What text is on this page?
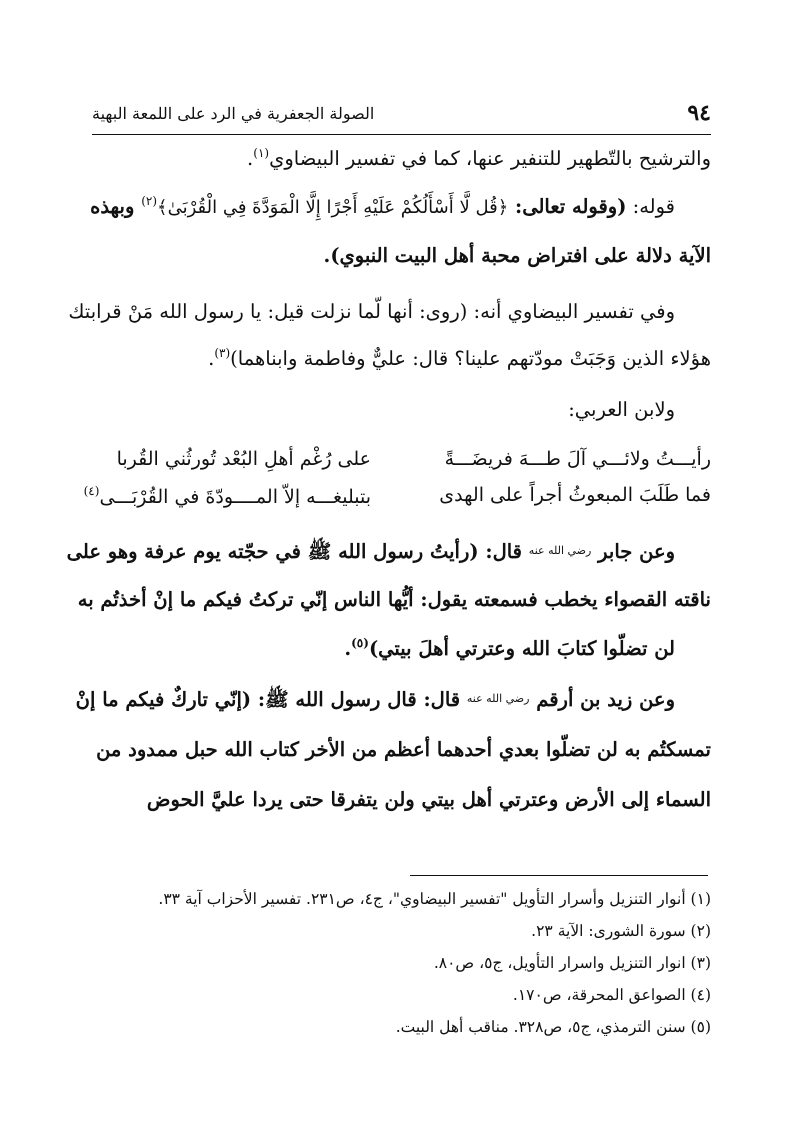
٩٤
الصولة الجعفرية في الرد على اللمعة البهية
والترشيح بالتّطهير للتنفير عنها، كما في تفسير البيضاوي$^{(١)}$.
قوله: (وقوله تعالى: ﴿قُل لَّا أَسْأَلُكُمْ عَلَيْهِ أَجْرًا إِلَّا الْمَوَدَّةَ فِي الْقُرْبَىٰ﴾$^{(٢)}$ وبهذه
الآية دلالة على افتراض محبة أهل البيت النبوي).
وفي تفسير البيضاوي أنه: (روى: أنها لّما نزلت قيل: يا رسول الله مَنْ قرابتك
هؤلاء الذين وَجَبَتْ مودّتهم علينا؟ قال: عليٌّ وفاطمة وابناهما)$^{(٣)}$.
ولابن العربي:
رأيـــتُ ولائـــي آلَ طـــهَ فريضَـــةً
على رُغْم أهلِ البُعْد تُورثُني القُربا
فما طَلَبَ المبعوثُ أجراً على الهدى
بتبليغـــه إلاّ المــــودّةَ في القُرْبَـــى$^{(٤)}$
وعن جابر $^{رضي الله عنه}$ قال: (رأيتُ رسول الله ﷺ في حجّته يوم عرفة وهو على
ناقته القصواء يخطب فسمعته يقول: أيُّها الناس إنّي تركتُ فيكم ما إنْ أخذتُم به
لن تضلّوا كتابَ الله وعترتي أهلَ بيتي)$^{(٥)}$.
وعن زيد بن أرقم $^{رضي الله عنه}$ قال: قال رسول الله ﷺ: (إنّي تاركٌ فيكم ما إنْ
تمسكتُم به لن تضلّوا بعدي أحدهما أعظم من الأخر كتاب الله حبل ممدود من
السماء إلى الأرض وعترتي أهل بيتي ولن يتفرقا حتى يردا عليَّ الحوض
(١) أنوار التنزيل وأسرار التأويل "تفسير البيضاوي"، ج٤، ص٢٣١. تفسير الأحزاب آية ٣٣.
(٢) سورة الشورى: الآية ٢٣.
(٣) انوار التنزيل واسرار التأويل، ج٥، ص٨٠.
(٤) الصواعق المحرقة، ص١٧٠.
(٥) سنن الترمذي، ج٥، ص٣٢٨. مناقب أهل البيت.
